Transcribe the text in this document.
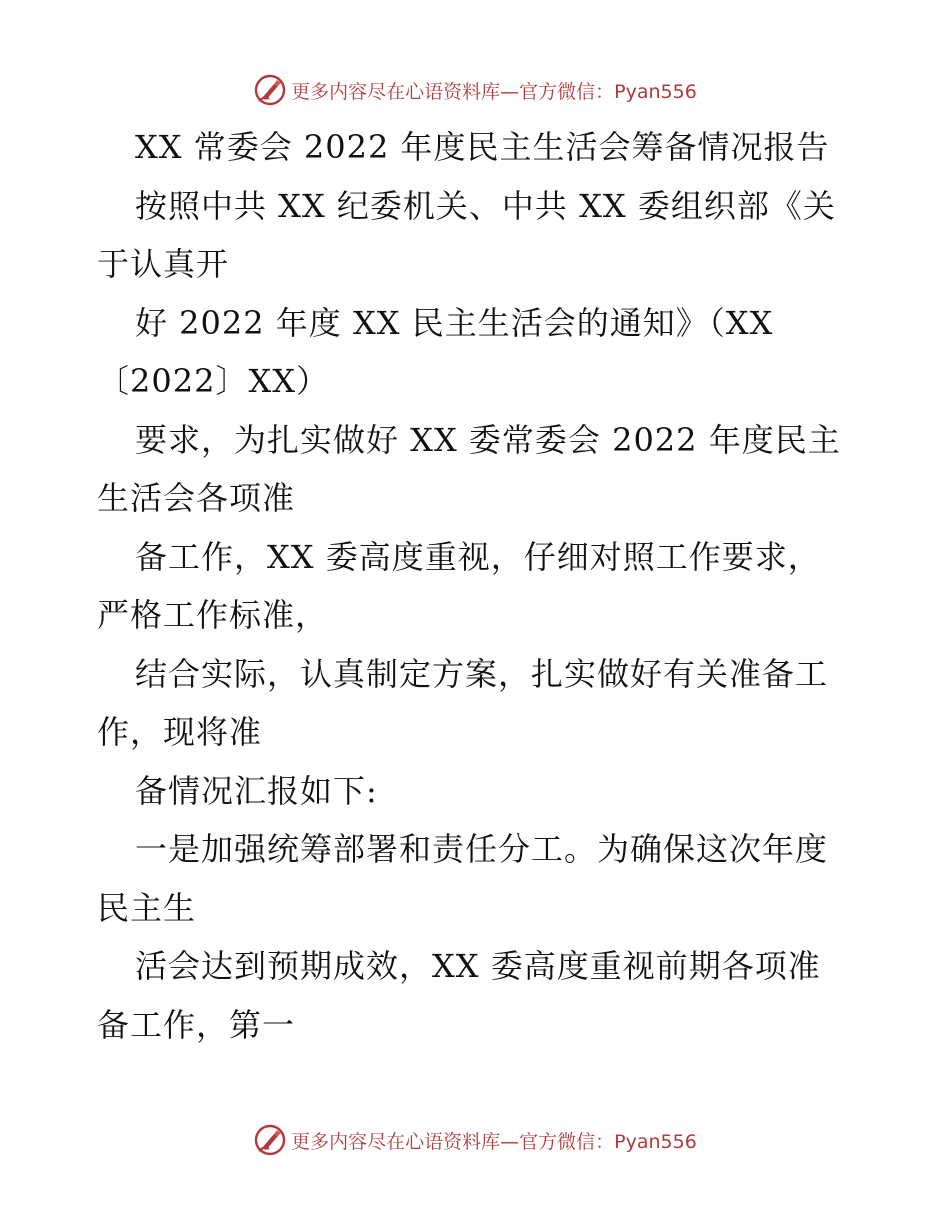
更多内容尽在心语资料库—官方微信：Pyan556
XX 常委会 2022 年度民主生活会筹备情况报告
按照中共 XX 纪委机关、中共 XX 委组织部《关
于认真开
好 2022 年度 XX 民主生活会的通知》（XX
〔2022〕XX）
要求，为扎实做好 XX 委常委会 2022 年度民主
生活会各项准
备工作，XX 委高度重视，仔细对照工作要求，
严格工作标准，
结合实际，认真制定方案，扎实做好有关准备工
作，现将准
备情况汇报如下:
一是加强统筹部署和责任分工。为确保这次年度
民主生
活会达到预期成效，XX 委高度重视前期各项准
备工作，第一
更多内容尽在心语资料库—官方微信：Pyan556
